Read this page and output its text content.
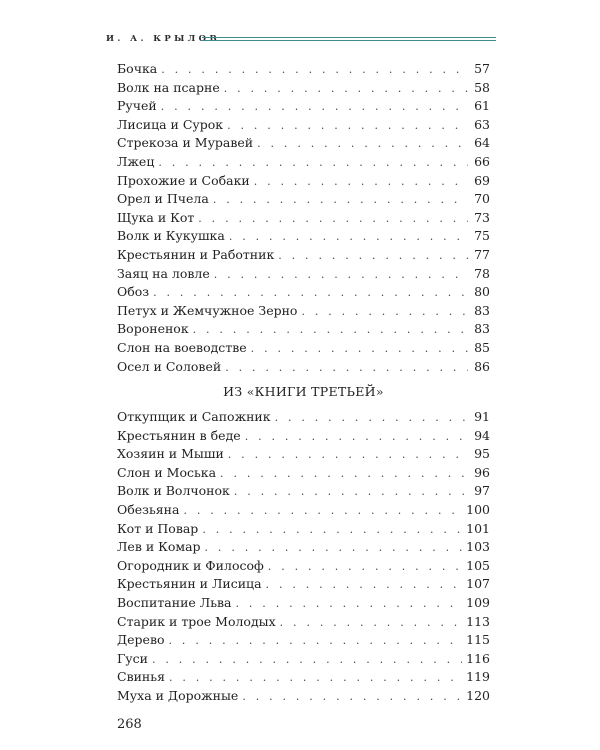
И. А. КРЫЛОВ
Бочка . . .	57
Волк на псарне . . .	58
Ручей . . .	61
Лисица и Сурок . . .	63
Стрекоза и Муравей . . .	64
Лжец . . .	66
Прохожие и Собаки . . .	69
Орел и Пчела . . .	70
Щука и Кот . . .	73
Волк и Кукушка . . .	75
Крестьянин и Работник . . .	77
Заяц на ловле . . .	78
Обоз . . .	80
Петух и Жемчужное Зерно . . .	83
Вороненок . . .	83
Слон на воеводстве . . .	85
Осел и Соловей . . .	86
ИЗ «КНИГИ ТРЕТЬЕЙ»
Откупщик и Сапожник . . .	91
Крестьянин в беде . . .	94
Хозяин и Мыши . . .	95
Слон и Моська . . .	96
Волк и Волчонок . . .	97
Обезьяна . . .	100
Кот и Повар . . .	101
Лев и Комар . . .	103
Огородник и Философ . . .	105
Крестьянин и Лисица . . .	107
Воспитание Льва . . .	109
Старик и трое Молодых . . .	113
Дерево . . .	115
Гуси . . .	116
Свинья . . .	119
Муха и Дорожные . . .	120
268
